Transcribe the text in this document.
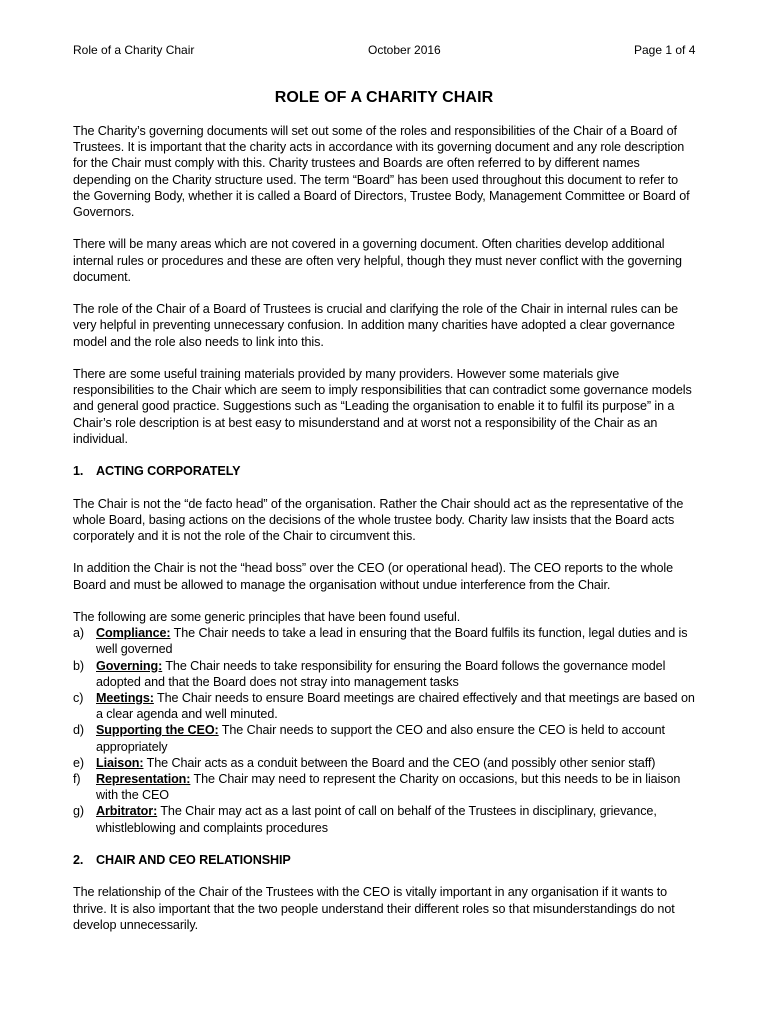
Role of a Charity Chair	October 2016	Page 1 of 4
ROLE OF A CHARITY CHAIR

The Charity’s governing documents will set out some of the roles and responsibilities of the Chair of a Board of Trustees. It is important that the charity acts in accordance with its governing document and any role description for the Chair must comply with this. Charity trustees and Boards are often referred to by different names depending on the Charity structure used. The term “Board” has been used throughout this document to refer to the Governing Body, whether it is called a Board of Directors, Trustee Body, Management Committee or Board of Governors.

There will be many areas which are not covered in a governing document. Often charities develop additional internal rules or procedures and these are often very helpful, though they must never conflict with the governing document.

The role of the Chair of a Board of Trustees is crucial and clarifying the role of the Chair in internal rules can be very helpful in preventing unnecessary confusion. In addition many charities have adopted a clear governance model and the role also needs to link into this.

There are some useful training materials provided by many providers. However some materials give responsibilities to the Chair which are seem to imply responsibilities that can contradict some governance models and general good practice. Suggestions such as “Leading the organisation to enable it to fulfil its purpose” in a Chair’s role description is at best easy to misunderstand and at worst not a responsibility of the Chair as an individual.

1. ACTING CORPORATELY

The Chair is not the “de facto head” of the organisation. Rather the Chair should act as the representative of the whole Board, basing actions on the decisions of the whole trustee body. Charity law insists that the Board acts corporately and it is not the role of the Chair to circumvent this.

In addition the Chair is not the “head boss” over the CEO (or operational head). The CEO reports to the whole Board and must be allowed to manage the organisation without undue interference from the Chair.

The following are some generic principles that have been found useful.

a) Compliance: The Chair needs to take a lead in ensuring that the Board fulfils its function, legal duties and is well governed
b) Governing: The Chair needs to take responsibility for ensuring the Board follows the governance model adopted and that the Board does not stray into management tasks
c) Meetings: The Chair needs to ensure Board meetings are chaired effectively and that meetings are based on a clear agenda and well minuted.
d) Supporting the CEO: The Chair needs to support the CEO and also ensure the CEO is held to account appropriately
e) Liaison: The Chair acts as a conduit between the Board and the CEO (and possibly other senior staff)
f) Representation: The Chair may need to represent the Charity on occasions, but this needs to be in liaison with the CEO
g) Arbitrator: The Chair may act as a last point of call on behalf of the Trustees in disciplinary, grievance, whistleblowing and complaints procedures
2. CHAIR AND CEO RELATIONSHIP

The relationship of the Chair of the Trustees with the CEO is vitally important in any organisation if it wants to thrive. It is also important that the two people understand their different roles so that misunderstandings do not develop unnecessarily.
